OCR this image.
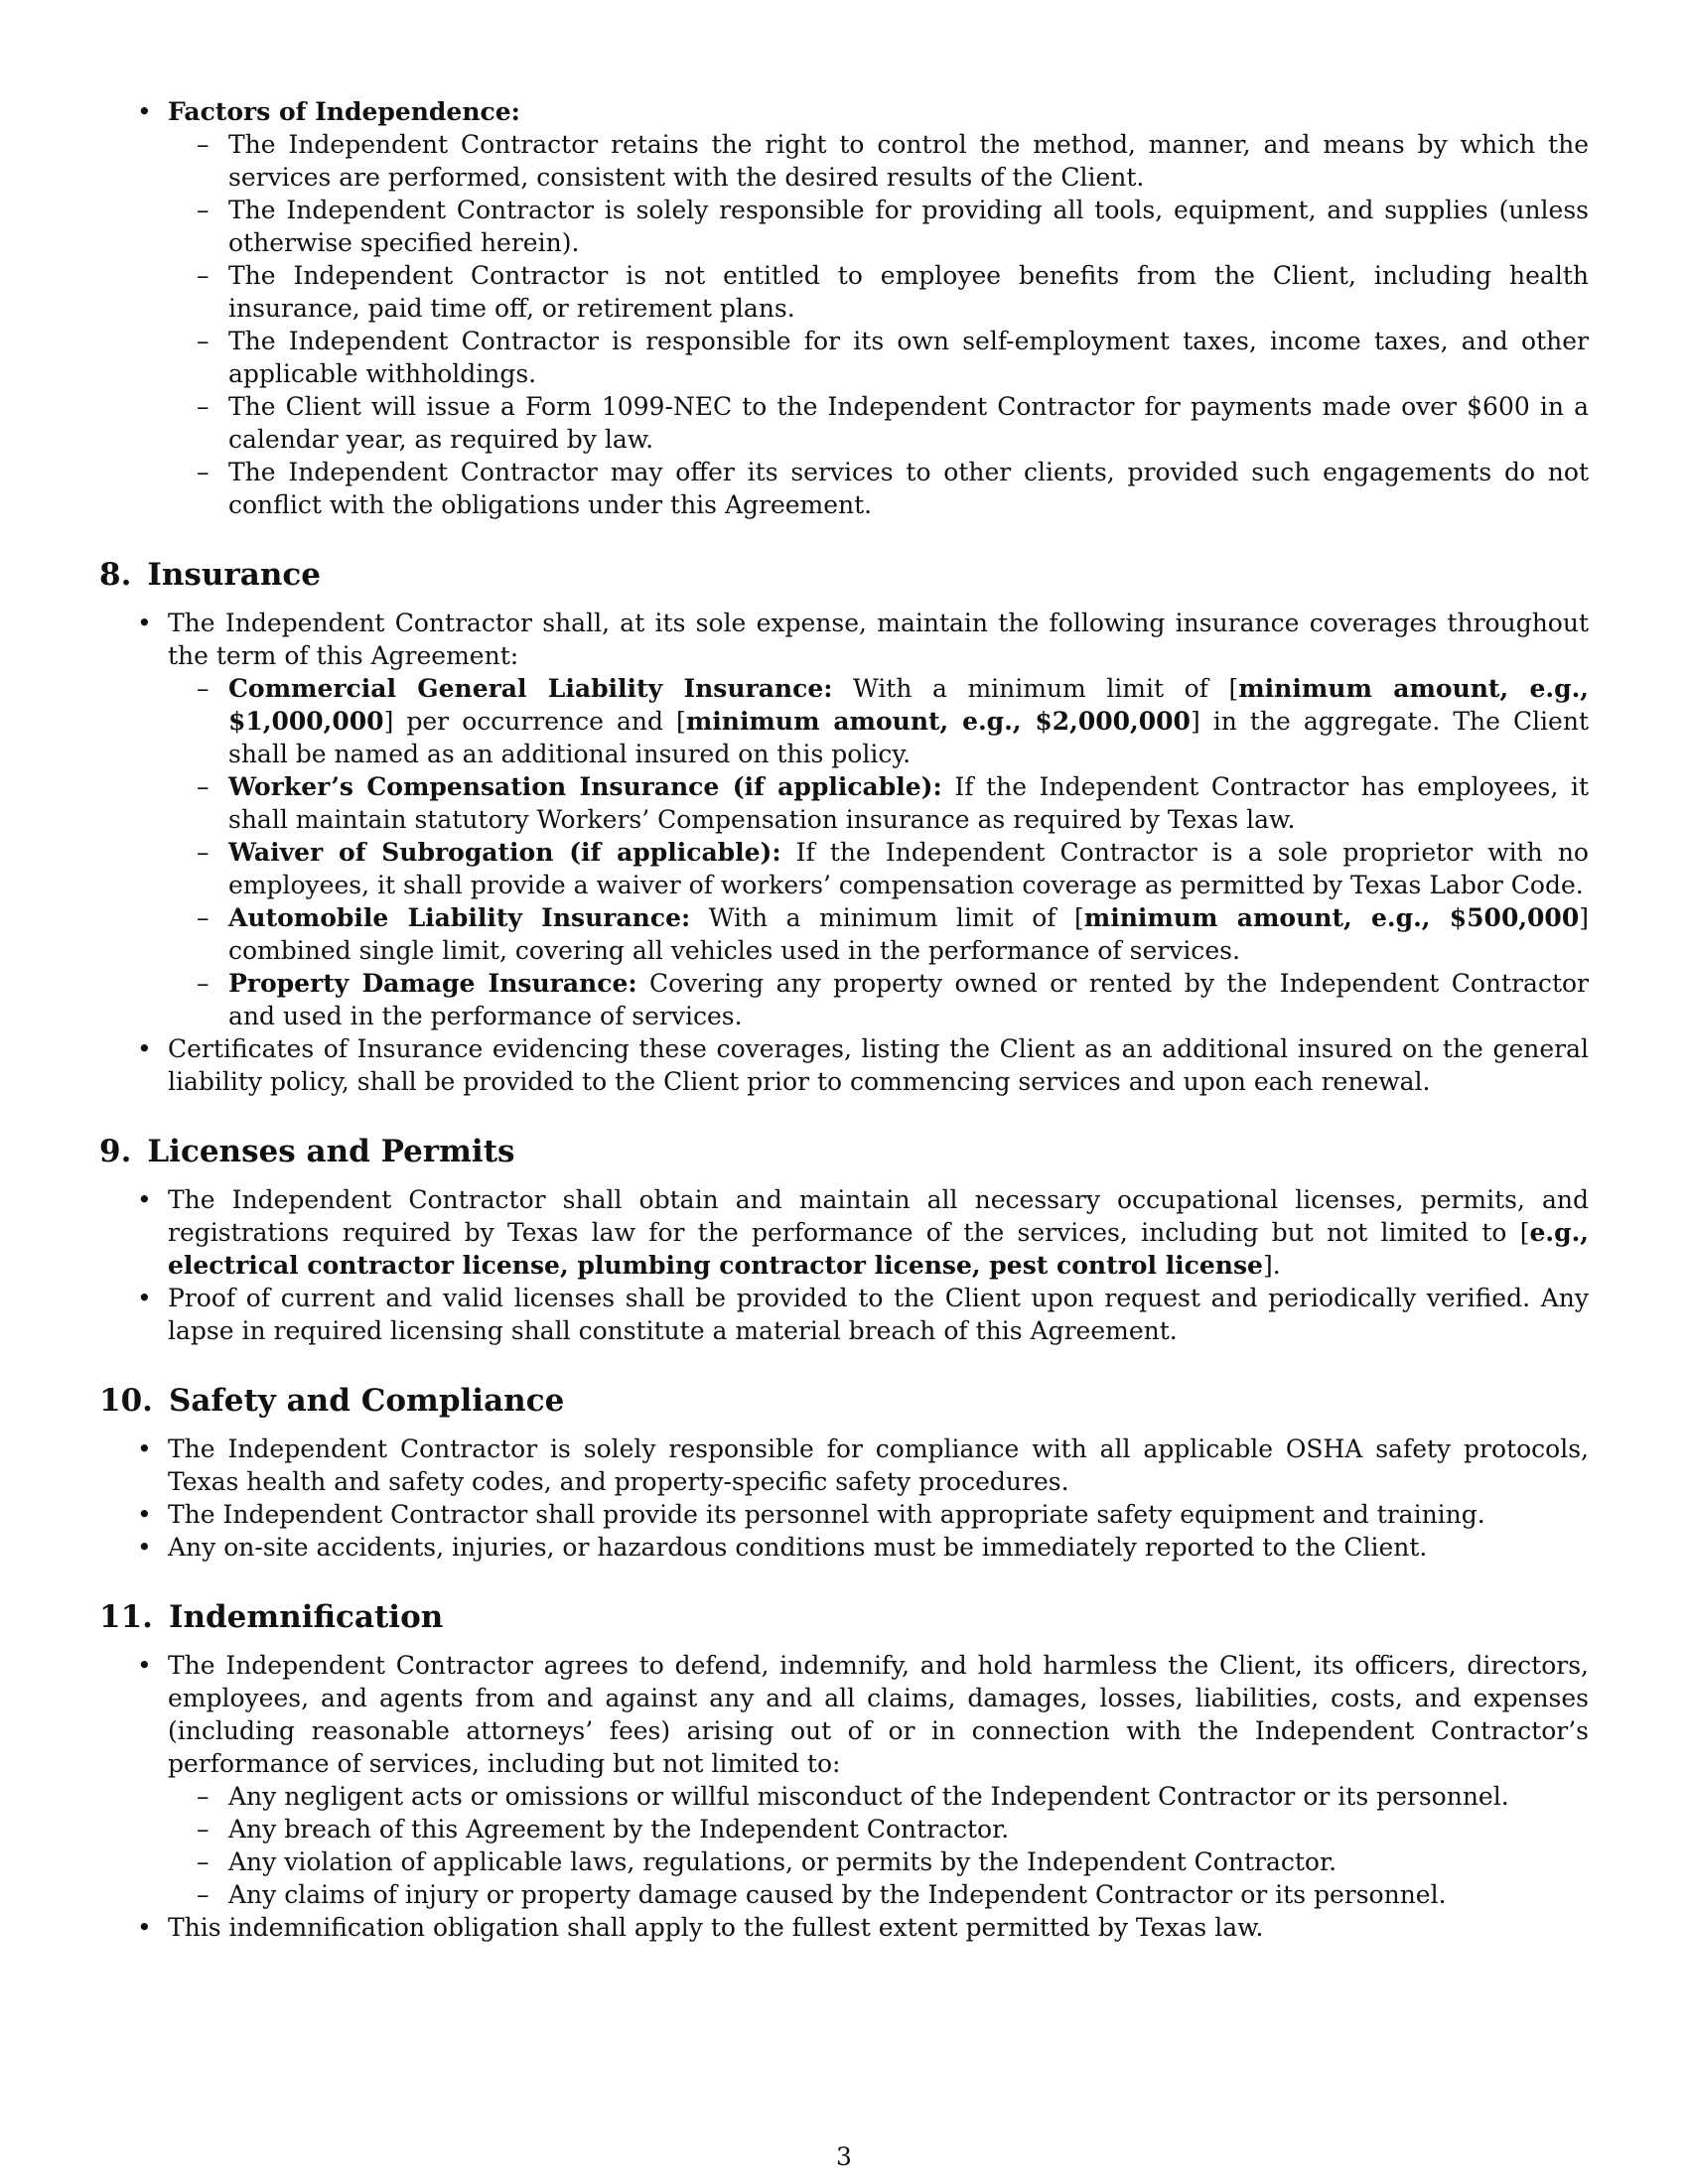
• Factors of Independence:
– The Independent Contractor retains the right to control the method, manner, and means by which the services are performed, consistent with the desired results of the Client.
– The Independent Contractor is solely responsible for providing all tools, equipment, and supplies (unless otherwise specified herein).
– The Independent Contractor is not entitled to employee benefits from the Client, including health insurance, paid time off, or retirement plans.
– The Independent Contractor is responsible for its own self-employment taxes, income taxes, and other applicable withholdings.
– The Client will issue a Form 1099-NEC to the Independent Contractor for payments made over $600 in a calendar year, as required by law.
– The Independent Contractor may offer its services to other clients, provided such engagements do not conflict with the obligations under this Agreement.
8. Insurance
• The Independent Contractor shall, at its sole expense, maintain the following insurance coverages throughout the term of this Agreement:
– Commercial General Liability Insurance: With a minimum limit of [minimum amount, e.g., $1,000,000] per occurrence and [minimum amount, e.g., $2,000,000] in the aggregate. The Client shall be named as an additional insured on this policy.
– Worker’s Compensation Insurance (if applicable): If the Independent Contractor has employees, it shall maintain statutory Workers’ Compensation insurance as required by Texas law.
– Waiver of Subrogation (if applicable): If the Independent Contractor is a sole proprietor with no employees, it shall provide a waiver of workers’ compensation coverage as permitted by Texas Labor Code.
– Automobile Liability Insurance: With a minimum limit of [minimum amount, e.g., $500,000] combined single limit, covering all vehicles used in the performance of services.
– Property Damage Insurance: Covering any property owned or rented by the Independent Contractor and used in the performance of services.
• Certificates of Insurance evidencing these coverages, listing the Client as an additional insured on the general liability policy, shall be provided to the Client prior to commencing services and upon each renewal.
9. Licenses and Permits
• The Independent Contractor shall obtain and maintain all necessary occupational licenses, permits, and registrations required by Texas law for the performance of the services, including but not limited to [e.g., electrical contractor license, plumbing contractor license, pest control license].
• Proof of current and valid licenses shall be provided to the Client upon request and periodically verified. Any lapse in required licensing shall constitute a material breach of this Agreement.
10. Safety and Compliance
• The Independent Contractor is solely responsible for compliance with all applicable OSHA safety protocols, Texas health and safety codes, and property-specific safety procedures.
• The Independent Contractor shall provide its personnel with appropriate safety equipment and training.
• Any on-site accidents, injuries, or hazardous conditions must be immediately reported to the Client.
11. Indemnification
• The Independent Contractor agrees to defend, indemnify, and hold harmless the Client, its officers, directors, employees, and agents from and against any and all claims, damages, losses, liabilities, costs, and expenses (including reasonable attorneys’ fees) arising out of or in connection with the Independent Contractor’s performance of services, including but not limited to:
– Any negligent acts or omissions or willful misconduct of the Independent Contractor or its personnel.
– Any breach of this Agreement by the Independent Contractor.
– Any violation of applicable laws, regulations, or permits by the Independent Contractor.
– Any claims of injury or property damage caused by the Independent Contractor or its personnel.
• This indemnification obligation shall apply to the fullest extent permitted by Texas law.
3
